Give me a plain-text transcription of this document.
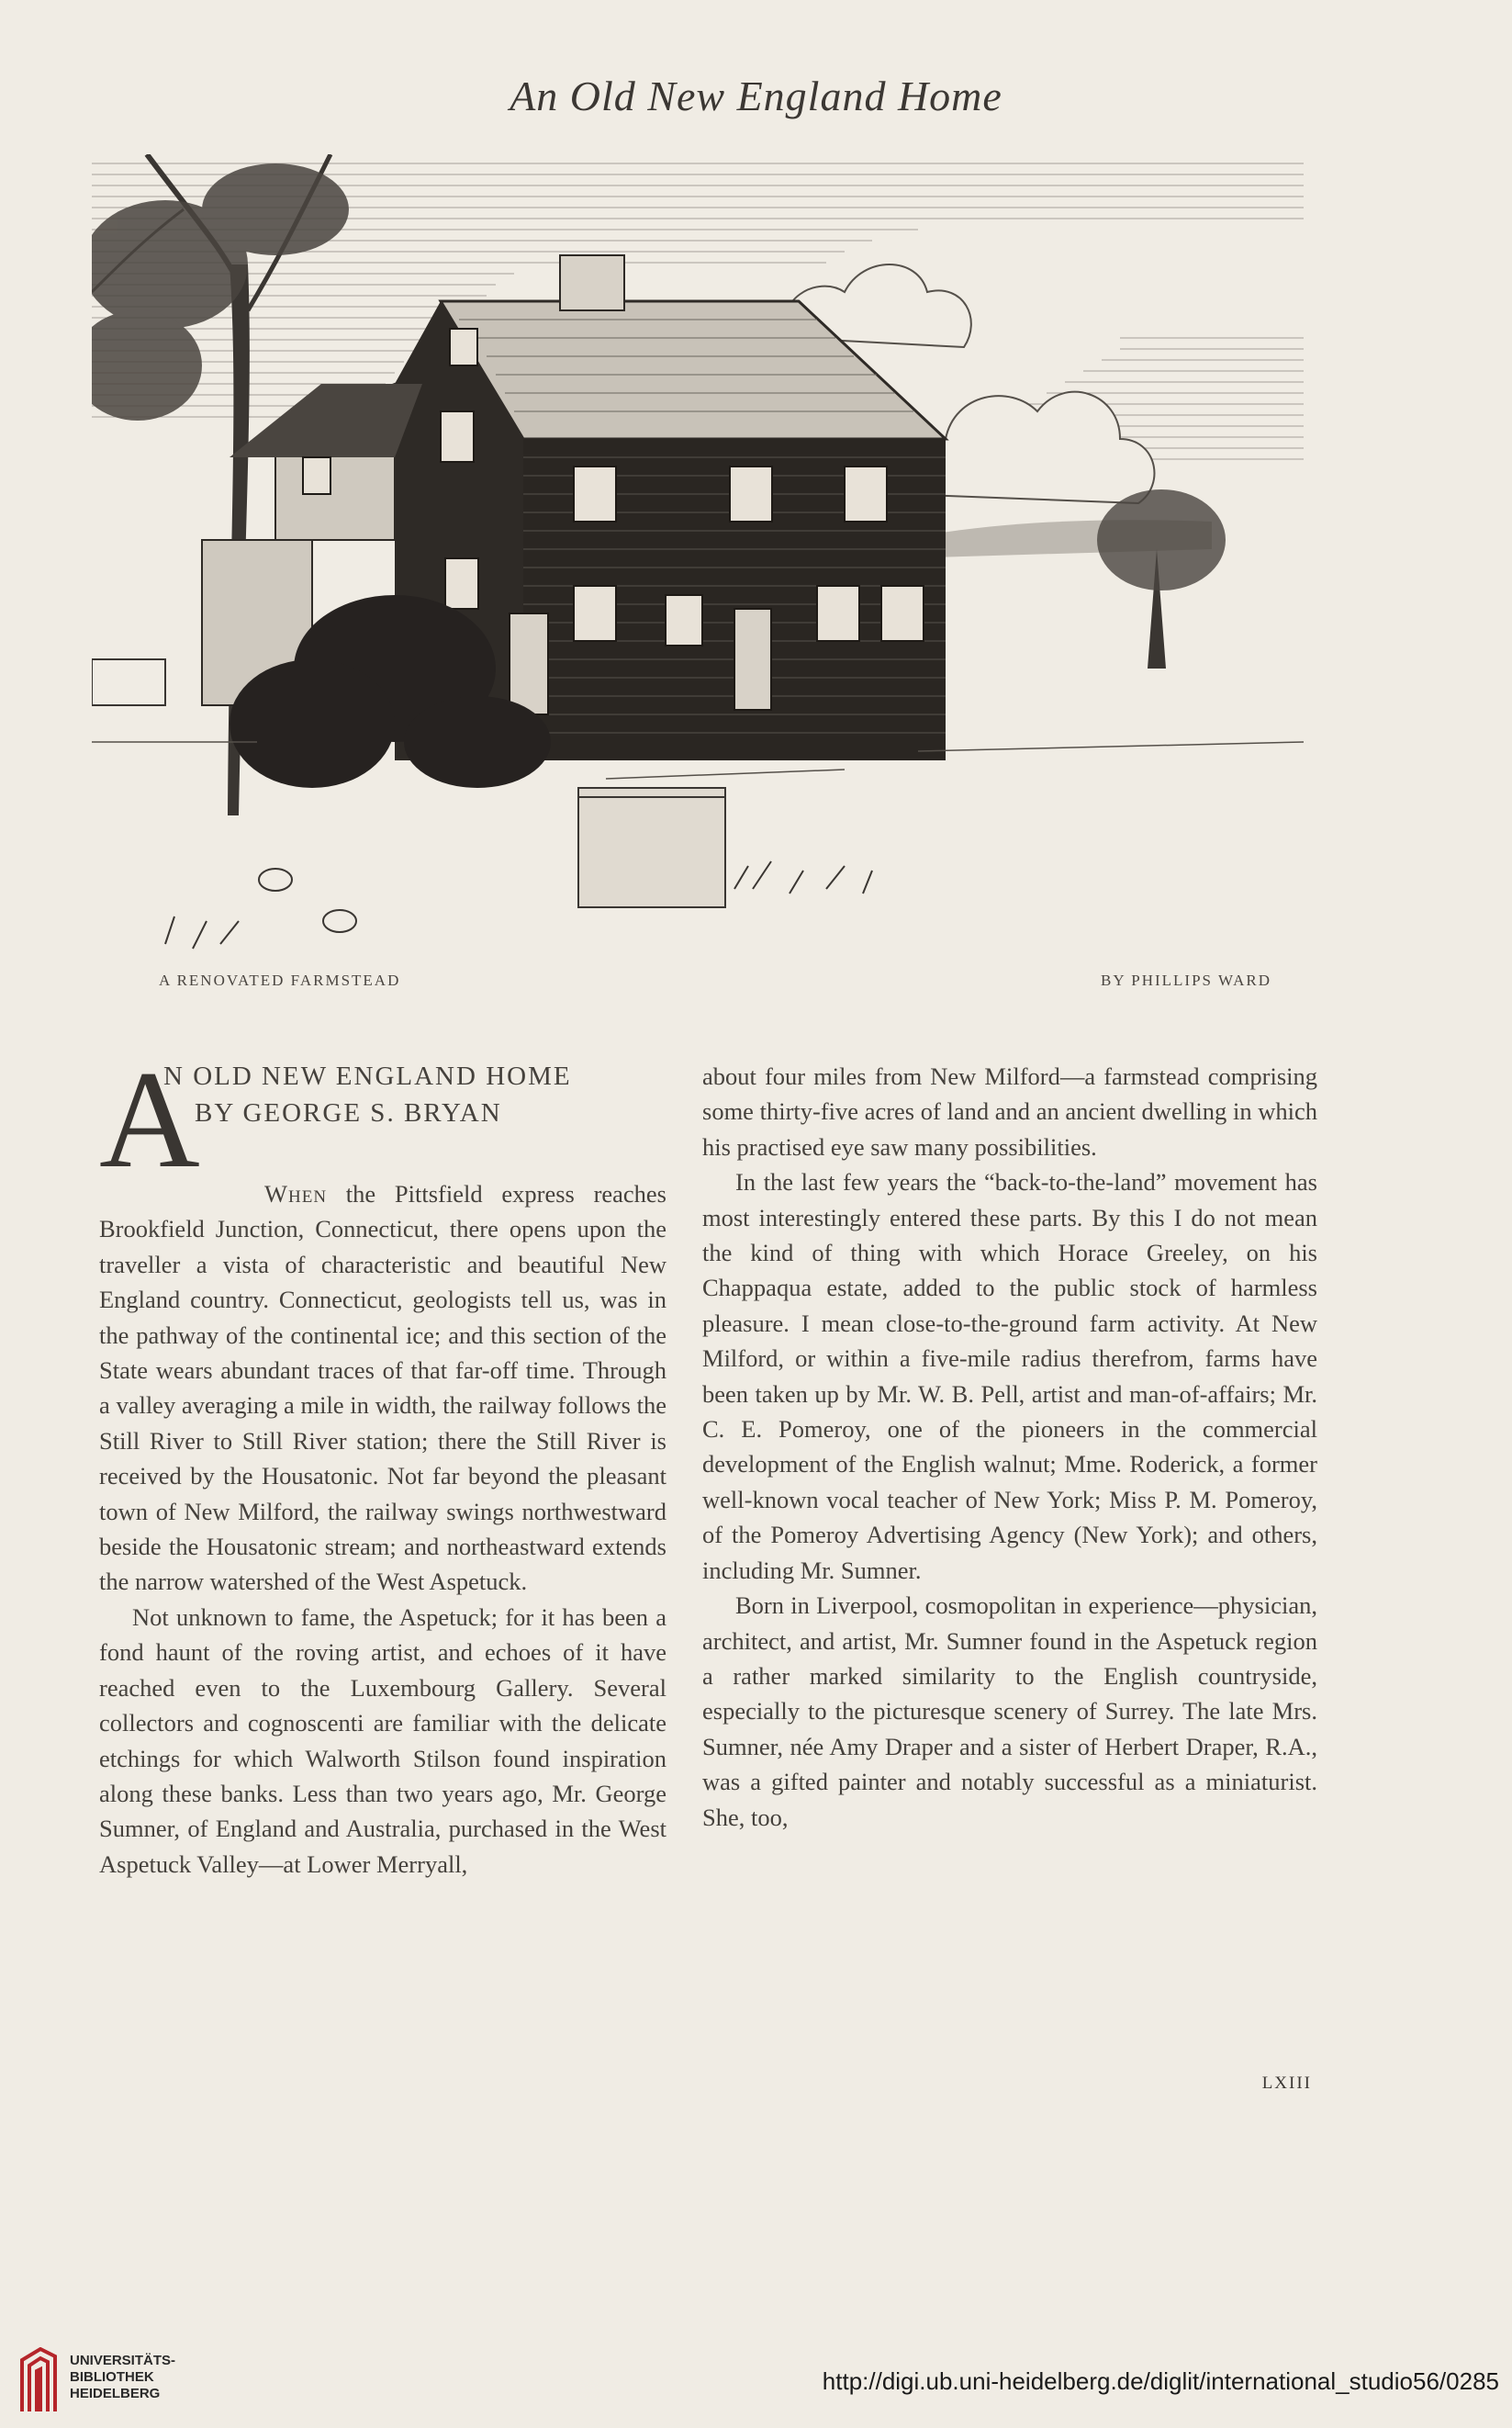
An Old New England Home
A RENOVATED FARMSTEAD	BY PHILLIPS WARD
A
N OLD NEW ENGLAND HOME
BY GEORGE S. BRYAN

When the Pittsfield express reaches Brookfield Junction, Connecticut, there opens upon the traveller a vista of characteristic and beautiful New England country. Connecticut, geologists tell us, was in the pathway of the continental ice; and this section of the State wears abundant traces of that far-off time. Through a valley averaging a mile in width, the railway follows the Still River to Still River station; there the Still River is received by the Housatonic. Not far beyond the pleasant town of New Milford, the railway swings northwestward beside the Housatonic stream; and northeastward extends the narrow watershed of the West Aspetuck.

Not unknown to fame, the Aspetuck; for it has been a fond haunt of the roving artist, and echoes of it have reached even to the Luxembourg Gallery. Several collectors and cognoscenti are familiar with the delicate etchings for which Walworth Stilson found inspiration along these banks. Less than two years ago, Mr. George Sumner, of England and Australia, purchased in the West Aspetuck Valley—at Lower Merryall,

about four miles from New Milford—a farmstead comprising some thirty-five acres of land and an ancient dwelling in which his practised eye saw many possibilities.

In the last few years the “back-to-the-land” movement has most interestingly entered these parts. By this I do not mean the kind of thing with which Horace Greeley, on his Chappaqua estate, added to the public stock of harmless pleasure. I mean close-to-the-ground farm activity. At New Milford, or within a five-mile radius therefrom, farms have been taken up by Mr. W. B. Pell, artist and man-of-affairs; Mr. C. E. Pomeroy, one of the pioneers in the commercial development of the English walnut; Mme. Roderick, a former well-known vocal teacher of New York; Miss P. M. Pomeroy, of the Pomeroy Advertising Agency (New York); and others, including Mr. Sumner.

Born in Liverpool, cosmopolitan in experience—physician, architect, and artist, Mr. Sumner found in the Aspetuck region a rather marked similarity to the English countryside, especially to the picturesque scenery of Surrey. The late Mrs. Sumner, née Amy Draper and a sister of Herbert Draper, R.A., was a gifted painter and notably successful as a miniaturist. She, too,

LXIII
UNIVERSITÄTS-
BIBLIOTHEK
HEIDELBERG	http://digi.ub.uni-heidelberg.de/diglit/international_studio56/0285
